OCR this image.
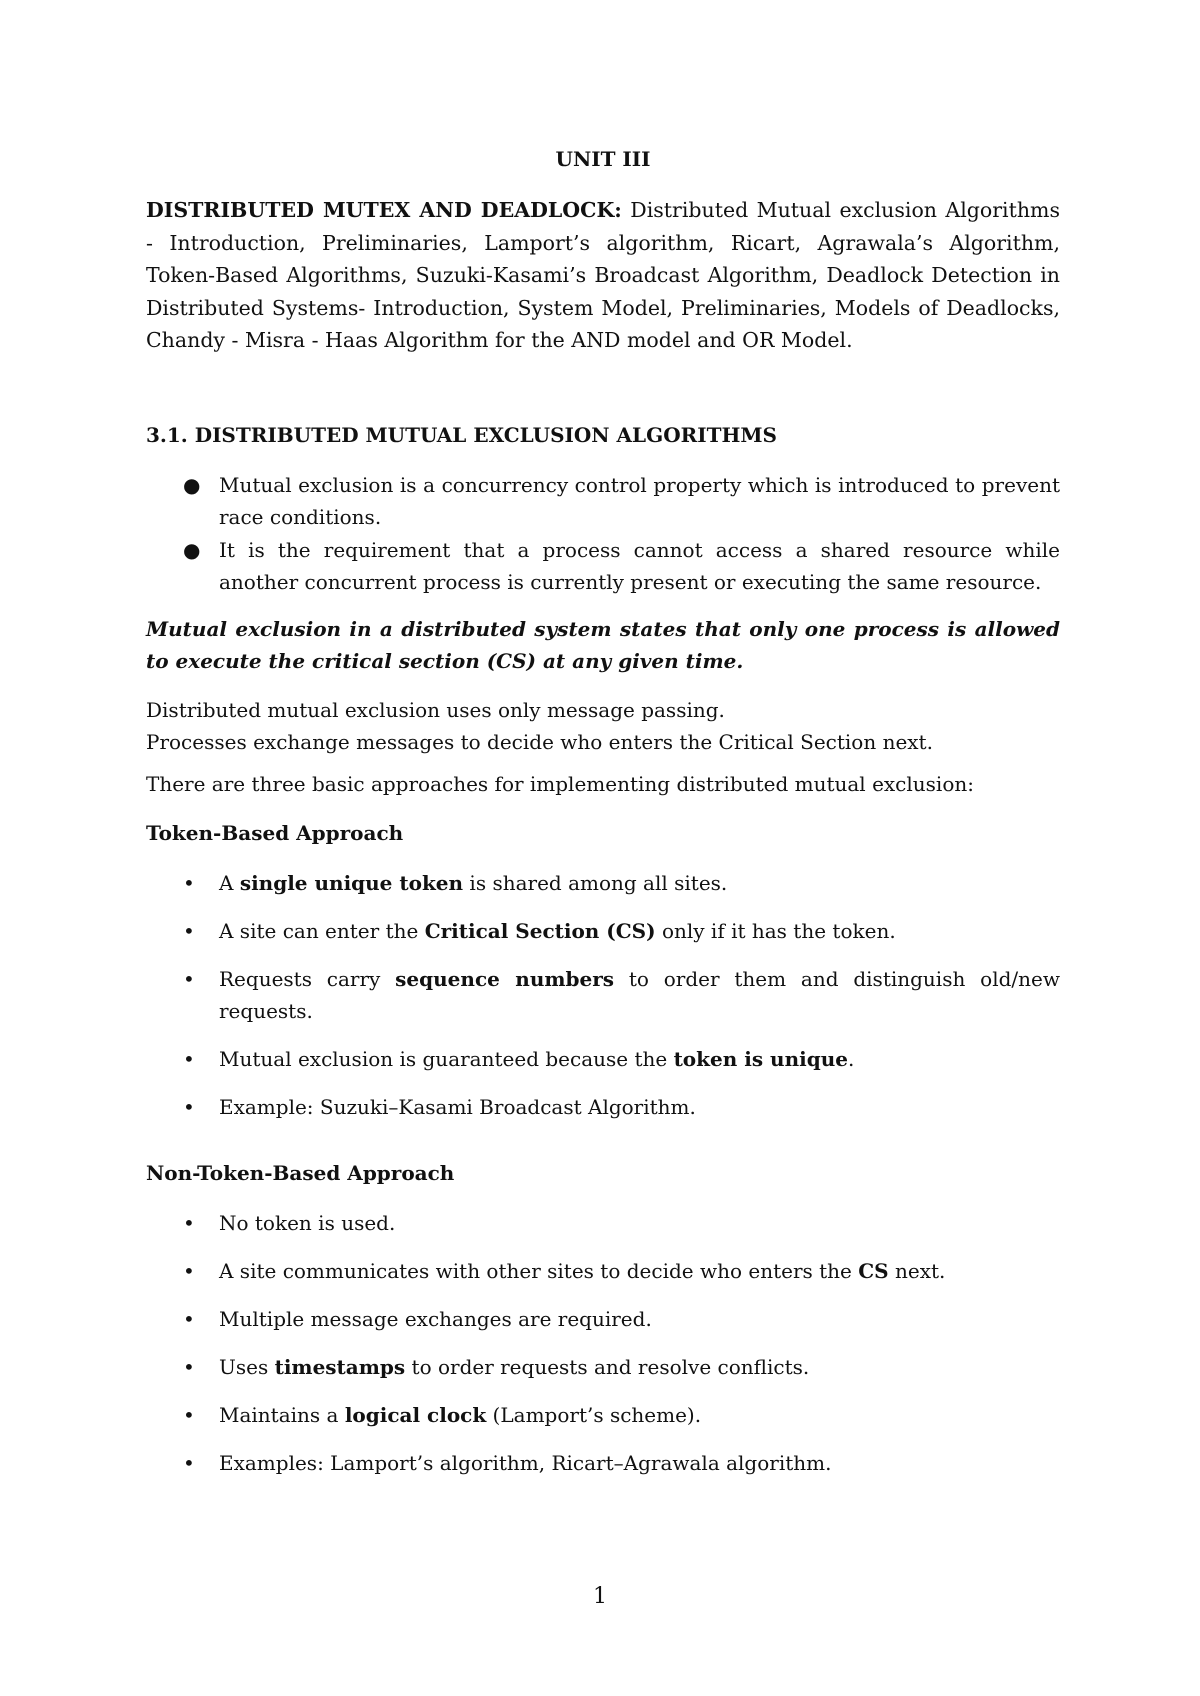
UNIT III
DISTRIBUTED MUTEX AND DEADLOCK: Distributed Mutual exclusion Algorithms - Introduction, Preliminaries, Lamport’s algorithm, Ricart, Agrawala’s Algorithm, Token-Based Algorithms, Suzuki-Kasami’s Broadcast Algorithm, Deadlock Detection in Distributed Systems- Introduction, System Model, Preliminaries, Models of Deadlocks, Chandy - Misra - Haas Algorithm for the AND model and OR Model.
3.1. DISTRIBUTED MUTUAL EXCLUSION ALGORITHMS
● Mutual exclusion is a concurrency control property which is introduced to prevent race conditions.
● It is the requirement that a process cannot access a shared resource while another concurrent process is currently present or executing the same resource.
Mutual exclusion in a distributed system states that only one process is allowed to execute the critical section (CS) at any given time.
Distributed mutual exclusion uses only message passing.
Processes exchange messages to decide who enters the Critical Section next.
There are three basic approaches for implementing distributed mutual exclusion:
Token-Based Approach
• A single unique token is shared among all sites.
• A site can enter the Critical Section (CS) only if it has the token.
• Requests carry sequence numbers to order them and distinguish old/new requests.
• Mutual exclusion is guaranteed because the token is unique.
• Example: Suzuki–Kasami Broadcast Algorithm.
Non-Token-Based Approach
• No token is used.
• A site communicates with other sites to decide who enters the CS next.
• Multiple message exchanges are required.
• Uses timestamps to order requests and resolve conflicts.
• Maintains a logical clock (Lamport’s scheme).
• Examples: Lamport’s algorithm, Ricart–Agrawala algorithm.
1
